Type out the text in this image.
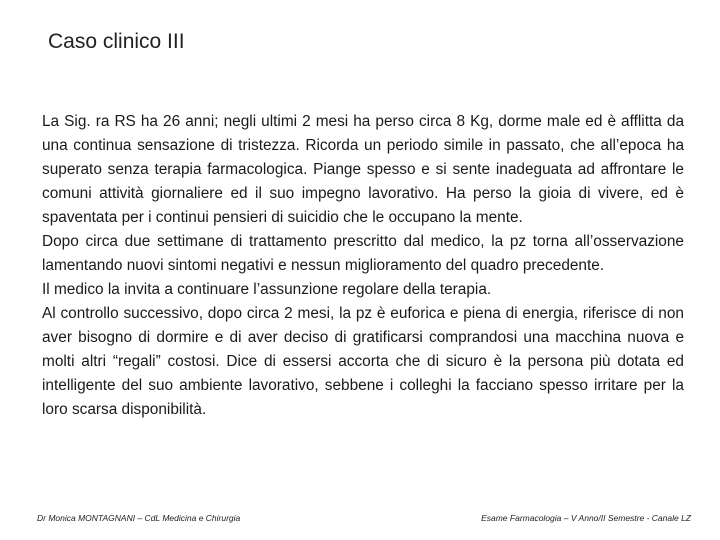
Caso clinico III

La Sig. ra RS ha 26 anni; negli ultimi 2 mesi ha perso circa 8 Kg, dorme male ed è afflitta da una continua sensazione di tristezza. Ricorda un periodo simile in passato, che all’epoca ha superato senza terapia farmacologica. Piange spesso e si sente inadeguata ad affrontare le comuni attività giornaliere ed il suo impegno lavorativo. Ha perso la gioia di vivere, ed è spaventata per i continui pensieri di suicidio che le occupano la mente.

Dopo circa due settimane di trattamento prescritto dal medico, la pz torna all’osservazione lamentando nuovi sintomi negativi e nessun miglioramento del quadro precedente.

Il medico la invita a continuare l’assunzione regolare della terapia.

Al controllo successivo, dopo circa 2 mesi, la pz è euforica e piena di energia, riferisce di non aver bisogno di dormire e di aver deciso di gratificarsi comprandosi una macchina nuova e molti altri “regali” costosi. Dice di essersi accorta che di sicuro è la persona più dotata ed intelligente del suo ambiente lavorativo, sebbene i colleghi la facciano spesso irritare per la loro scarsa disponibilità.

Dr Monica MONTAGNANI – CdL Medicina e Chirurgia	Esame Farmacologia – V Anno/II Semestre - Canale LZ
